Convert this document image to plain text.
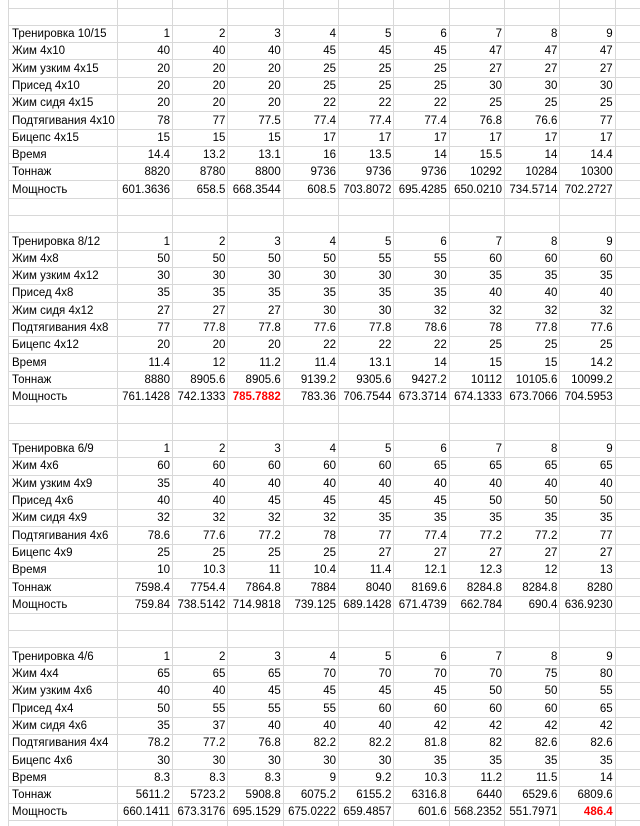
Тренировка 10/15	1	2	3	4	5	6	7	8	9	
Жим 4x10	40	40	40	45	45	45	47	47	47	
Жим узким 4x15	20	20	20	25	25	25	27	27	27	
Присед 4x10	20	20	20	25	25	25	30	30	30	
Жим сидя 4x15	20	20	20	22	22	22	25	25	25	
Подтягивания 4x10	78	77	77.5	77.4	77.4	77.4	76.8	76.6	77	
Бицепс 4x15	15	15	15	17	17	17	17	17	17	
Время	14.4	13.2	13.1	16	13.5	14	15.5	14	14.4	
Тоннаж	8820	8780	8800	9736	9736	9736	10292	10284	10300	
Мощность	601.3636	658.5	668.3544	608.5	703.8072	695.4285	650.0210	734.5714	702.2727	

Тренировка 8/12	1	2	3	4	5	6	7	8	9	
Жим 4x8	50	50	50	50	55	55	60	60	60	
Жим узким 4x12	30	30	30	30	30	30	35	35	35	
Присед 4x8	35	35	35	35	35	35	40	40	40	
Жим сидя 4x12	27	27	27	30	30	32	32	32	32	
Подтягивания 4x8	77	77.8	77.8	77.6	77.8	78.6	78	77.8	77.6	
Бицепс 4x12	20	20	20	22	22	22	25	25	25	
Время	11.4	12	11.2	11.4	13.1	14	15	15	14.2	
Тоннаж	8880	8905.6	8905.6	9139.2	9305.6	9427.2	10112	10105.6	10099.2	
Мощность	761.1428	742.1333	785.7882	783.36	706.7544	673.3714	674.1333	673.7066	704.5953	

Тренировка 6/9	1	2	3	4	5	6	7	8	9	
Жим 4x6	60	60	60	60	60	65	65	65	65	
Жим узким 4x9	35	40	40	40	40	40	40	40	40	
Присед 4x6	40	40	45	45	45	45	50	50	50	
Жим сидя 4x9	32	32	32	32	35	35	35	35	35	
Подтягивания 4x6	78.6	77.6	77.2	78	77	77.4	77.2	77.2	77	
Бицепс 4x9	25	25	25	25	27	27	27	27	27	
Время	10	10.3	11	10.4	11.4	12.1	12.3	12	13	
Тоннаж	7598.4	7754.4	7864.8	7884	8040	8169.6	8284.8	8284.8	8280	
Мощность	759.84	738.5142	714.9818	739.125	689.1428	671.4739	662.784	690.4	636.9230	

Тренировка 4/6	1	2	3	4	5	6	7	8	9	
Жим 4x4	65	65	65	70	70	70	70	75	80	
Жим узким 4x6	40	40	45	45	45	45	50	50	55	
Присед 4x4	50	55	55	55	60	60	60	60	65	
Жим сидя 4x6	35	37	40	40	40	42	42	42	42	
Подтягивания 4x4	78.2	77.2	76.8	82.2	82.2	81.8	82	82.6	82.6	
Бицепс 4x6	30	30	30	30	30	35	35	35	35	
Время	8.3	8.3	8.3	9	9.2	10.3	11.2	11.5	14	
Тоннаж	5611.2	5723.2	5908.8	6075.2	6155.2	6316.8	6440	6529.6	6809.6	
Мощность	660.1411	673.3176	695.1529	675.0222	659.4857	601.6	568.2352	551.7971	486.4	
